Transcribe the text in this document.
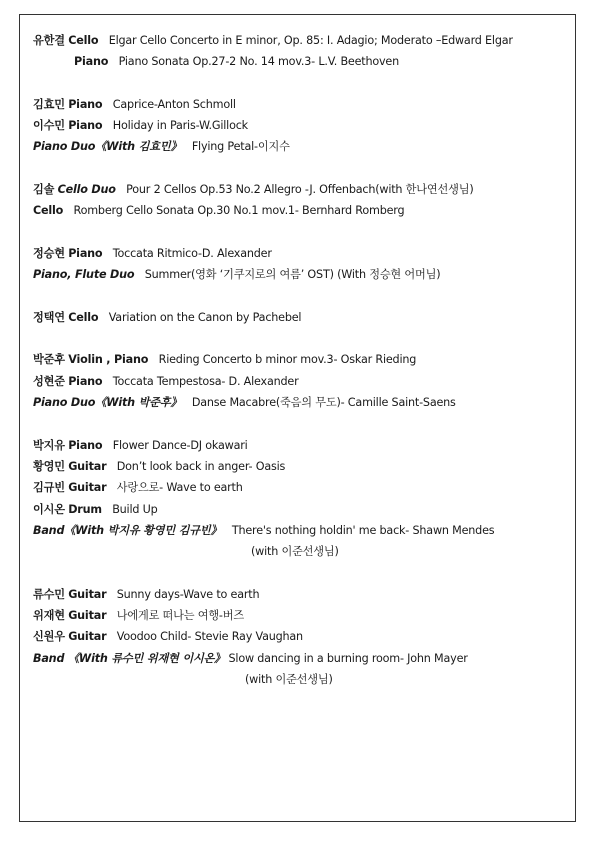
유한결 Cello Elgar Cello Concerto in E minor, Op. 85: I. Adagio; Moderato –Edward Elgar
Piano Piano Sonata Op.27-2 No. 14 mov.3- L.V. Beethoven
김효민 Piano Caprice-Anton Schmoll
이수민 Piano Holiday in Paris-W.Gillock
Piano Duo《With 김효민》 Flying Petal-이지수
김솔 Cello Duo Pour 2 Cellos Op.53 No.2 Allegro -J. Offenbach(with 한나연선생님)
Cello Romberg Cello Sonata Op.30 No.1 mov.1- Bernhard Romberg
정승현 Piano Toccata Ritmico-D. Alexander
Piano, Flute Duo Summer(영화 ‘기쿠지로의 여름’ OST) (With 정승현 어머님)
정택연 Cello Variation on the Canon by Pachebel
박준후 Violin , Piano Rieding Concerto b minor mov.3- Oskar Rieding
성현준 Piano Toccata Tempestosa- D. Alexander
Piano Duo《With 박준후》 Danse Macabre(죽음의 무도)- Camille Saint-Saens
박지유 Piano Flower Dance-DJ okawari
황영민 Guitar Don’t look back in anger- Oasis
김규빈 Guitar 사랑으로- Wave to earth
이시온 Drum Build Up
Band《With 박지유 황영민 김규빈》 There's nothing holdin' me back- Shawn Mendes
(with 이준선생님)
류수민 Guitar Sunny days-Wave to earth
위재현 Guitar 나에게로 떠나는 여행-버즈
신원우 Guitar Voodoo Child- Stevie Ray Vaughan
Band 《With 류수민 위재현 이시온》 Slow dancing in a burning room- John Mayer
(with 이준선생님)
